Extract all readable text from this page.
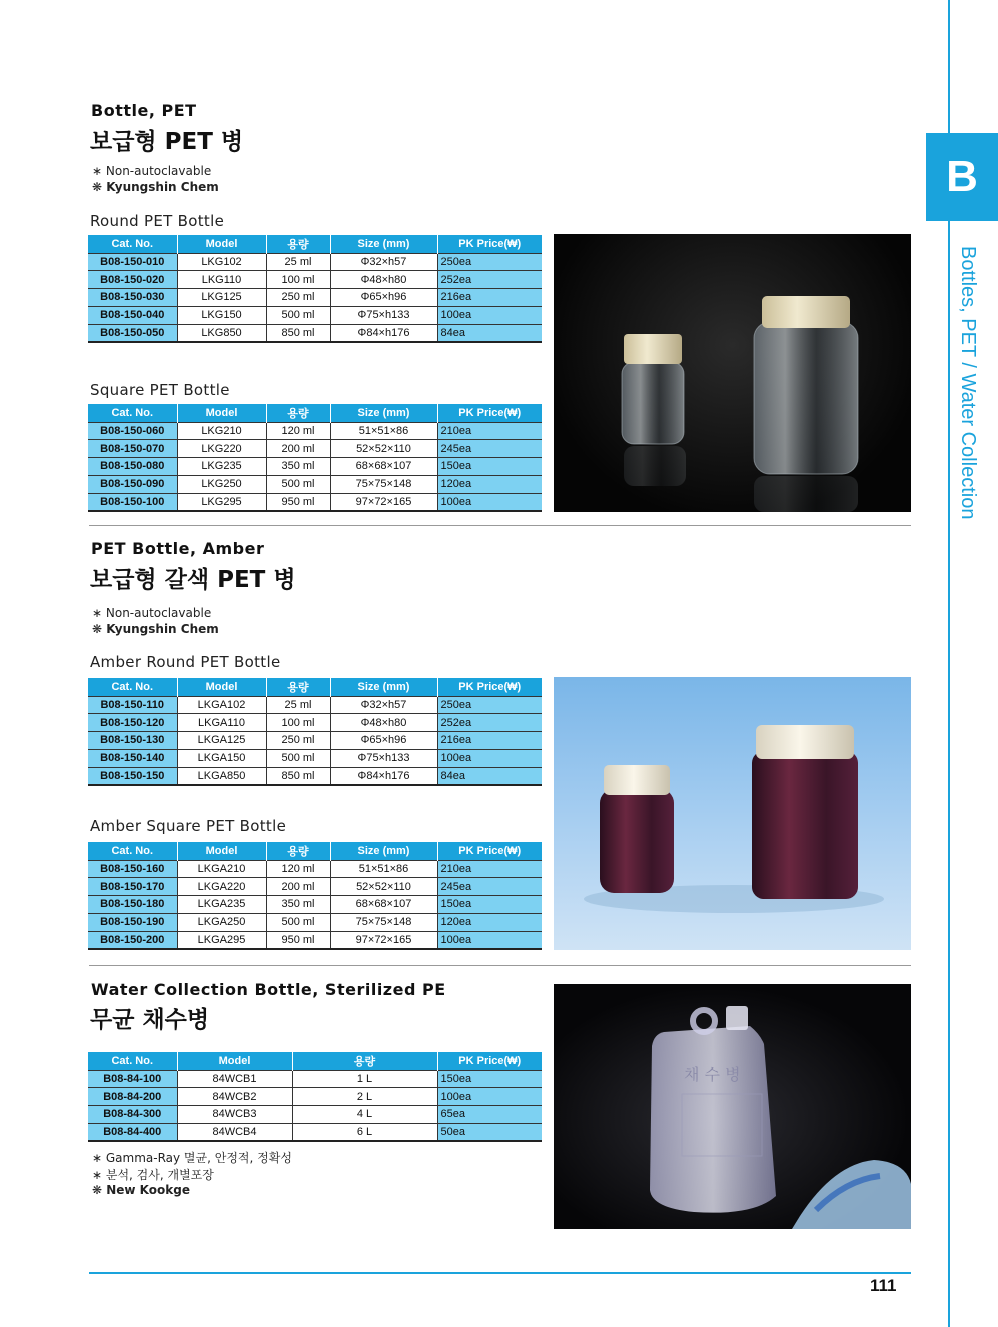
B
Bottles, PET / Water Collection
Bottle, PET
보급형 PET 병
∗ Non-autoclavable
❋ Kyungshin Chem
Round PET Bottle
Cat. No.	Model	용량	Size (mm)	PK Price(₩)
B08-150-010	LKG102	25 ml	Φ32×h57	250ea
B08-150-020	LKG110	100 ml	Φ48×h80	252ea
B08-150-030	LKG125	250 ml	Φ65×h96	216ea
B08-150-040	LKG150	500 ml	Φ75×h133	100ea
B08-150-050	LKG850	850 ml	Φ84×h176	84ea
Square PET Bottle
Cat. No.	Model	용량	Size (mm)	PK Price(₩)
B08-150-060	LKG210	120 ml	51×51×86	210ea
B08-150-070	LKG220	200 ml	52×52×110	245ea
B08-150-080	LKG235	350 ml	68×68×107	150ea
B08-150-090	LKG250	500 ml	75×75×148	120ea
B08-150-100	LKG295	950 ml	97×72×165	100ea
PET Bottle, Amber
보급형 갈색 PET 병
∗ Non-autoclavable
❋ Kyungshin Chem
Amber Round PET Bottle
Cat. No.	Model	용량	Size (mm)	PK Price(₩)
B08-150-110	LKGA102	25 ml	Φ32×h57	250ea
B08-150-120	LKGA110	100 ml	Φ48×h80	252ea
B08-150-130	LKGA125	250 ml	Φ65×h96	216ea
B08-150-140	LKGA150	500 ml	Φ75×h133	100ea
B08-150-150	LKGA850	850 ml	Φ84×h176	84ea
Amber Square PET Bottle
Cat. No.	Model	용량	Size (mm)	PK Price(₩)
B08-150-160	LKGA210	120 ml	51×51×86	210ea
B08-150-170	LKGA220	200 ml	52×52×110	245ea
B08-150-180	LKGA235	350 ml	68×68×107	150ea
B08-150-190	LKGA250	500 ml	75×75×148	120ea
B08-150-200	LKGA295	950 ml	97×72×165	100ea
Water Collection Bottle, Sterilized PE
무균 채수병
Cat. No.	Model	용량	PK Price(₩)
B08-84-100	84WCB1	1 L	150ea
B08-84-200	84WCB2	2 L	100ea
B08-84-300	84WCB3	4 L	65ea
B08-84-400	84WCB4	6 L	50ea
∗ Gamma-Ray 멸균, 안정적, 정확성
∗ 분석, 검사, 개별포장
❋ New Kookge
채 수 병
111
